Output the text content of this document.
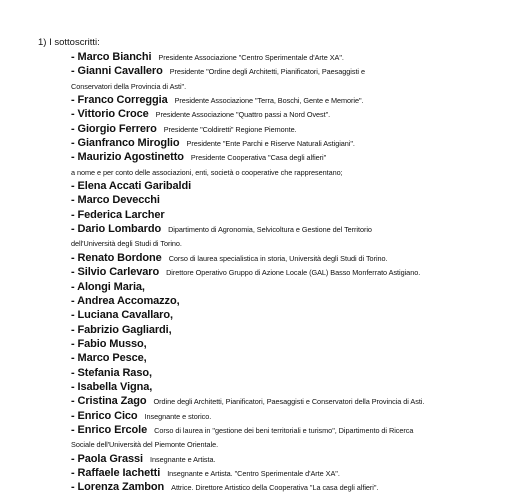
1) I sottoscritti:
- Marco Bianchi Presidente Associazione "Centro Sperimentale d'Arte XA".
- Gianni Cavallero Presidente "Ordine degli Architetti, Pianificatori, Paesaggisti e
Conservatori della Provincia di Asti".
- Franco Correggia Presidente Associazione "Terra, Boschi, Gente e Memorie".
- Vittorio Croce Presidente Associazione "Quattro passi a Nord Ovest".
- Giorgio Ferrero Presidente "Coldiretti" Regione Piemonte.
- Gianfranco Miroglio Presidente "Ente Parchi e Riserve Naturali Astigiani".
- Maurizio Agostinetto Presidente Cooperativa "Casa degli alfieri"
a nome e per conto delle associazioni, enti, società o cooperative che rappresentano;
- Elena Accati Garibaldi
- Marco Devecchi
- Federica Larcher
- Dario Lombardo Dipartimento di Agronomia, Selvicoltura e Gestione del Territorio
dell'Università degli Studi di Torino.
- Renato Bordone Corso di laurea specialistica in storia, Università degli Studi di Torino.
- Silvio Carlevaro Direttore Operativo Gruppo di Azione Locale (GAL) Basso Monferrato Astigiano.
- Alongi Maria,
- Andrea Accomazzo,
- Luciana Cavallaro,
- Fabrizio Gagliardi,
- Fabio Musso,
- Marco Pesce,
- Stefania Raso,
- Isabella Vigna,
- Cristina Zago Ordine degli Architetti, Pianificatori, Paesaggisti e Conservatori della Provincia di Asti.
- Enrico Cico Insegnante e storico.
- Enrico Ercole Corso di laurea in "gestione dei beni territoriali e turismo", Dipartimento di Ricerca
Sociale dell'Università del Piemonte Orientale.
- Paola Grassi Insegnante e Artista.
- Raffaele Iachetti Insegnante e Artista. "Centro Sperimentale d'Arte XA".
- Lorenza Zambon Attrice. Direttore Artistico della Cooperativa "La casa degli alfieri".
